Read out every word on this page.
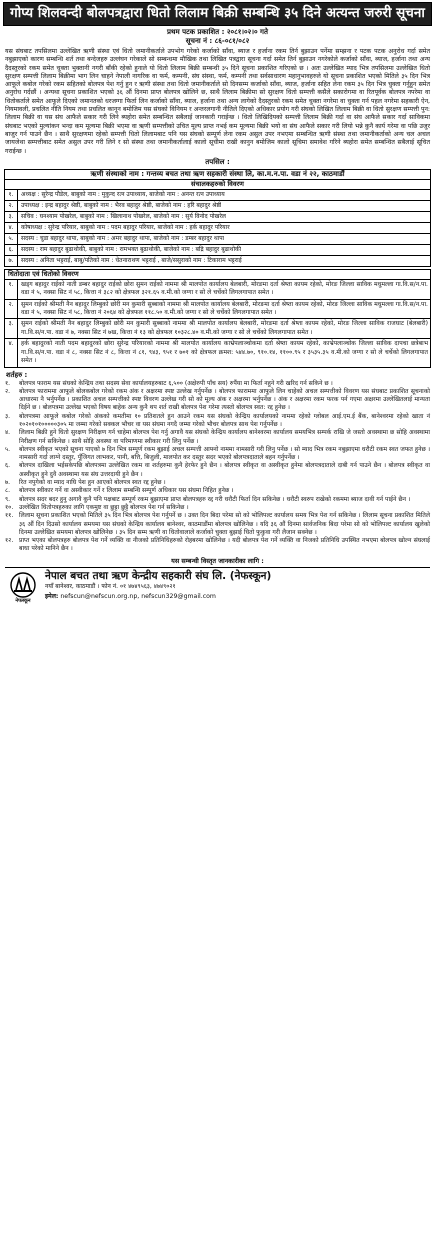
गोप्य शिलवन्दी बोलपत्रद्वारा धितो लिलाम बिक्री सम्बन्धि ३५ दिने अत्यन्त जरुरी सूचना
प्रथम पटक प्रकाशित : २०८१।०२।० गते
सूचना नं : ८६-०८१/०८२
यस संघबाट तपसिलमा उल्लेखित ऋणी संस्था एवं धितो जमानीकर्ताले उपभोग गरेको कर्जाको साँवा, ब्याज र हर्जाना रकम तिर्न बुझाउन पर्नेमा सम्झना र पटक पटक अनुरोध गर्दा समेत नबुझाएको कारण सम्बन्धि शर्त तथा बन्देजहरु उल्लंघन गरेकाले सो सम्बन्धमा मौखिक तथा लिखित पत्रद्वारा सूचना गर्दा समेत तिर्न बुझाउन नगरेकोले कर्जाको साँवा, ब्याज, हर्जाना तथा अन्य दैदस्तुरको रकम समेत चुक्ता भुक्तानी नगरी बाँकी रहेको हुनाले यो धितो लिलाम बिक्री सम्बन्धी ३५ दिने सूचना प्रकाशित गरिएको छ । अतः उल्लेखित म्याद भित्र तपसिलमा उल्लेखित धितो सुरक्षण सम्पत्ती लिलाम बिक्रीमा भाग लिन चाहने नेपाली नागरिक वा फर्म, कम्पनी, संघ संस्था, फर्म, कम्पनी तथा सर्वसाधारण महानुभावहरुले यो सूचना प्रकाशित भएको मितिले ३५ दिन भित्र आफूले कबोल गरेको रकम सहितको बोलपत्र पेश गर्नु हुन र ऋणी संस्था तथा धितो जमानीकर्ताले सो दिनसम्म कर्जाको साँवा, ब्याज, हर्जाना सहित लेना रकम ३५ दिन भित्र चुक्ता गर्नुहुन समेत अनुरोध गर्दछौं । अन्यथा सूचना प्रकाशित भएको ३६ औं दिनमा प्राप्त बोलपत्र खोलिने छ, साथै लिलाम बिक्रीमा सो सुरक्षण धितो सम्पत्ती कसैले सकारोगमा वा रितपूर्वक बोलपत्र नपरेमा वा धितोकर्ताले समेत आफूले दिएको जमानतको धरजग्गा फिर्ता लिन कर्जाको साँवा, ब्याज, हर्जाना तथा अन्य लागेको दैदस्तुरको रकम समेत चुक्ता नगरेमा वा चुक्ता गर्न पहल नगरेमा सहकारी ऐन, नियमावली, प्रचलित नीति नियम तथा प्रचलित कानून बमोजिम यस संघको विनियम र अन्तरलगानी नीतिले दिएको अधिकार प्रयोग गरी संघको लिखित लिलाम बिक्री वा धितो सुरक्षण सम्पत्ती पुन: लिलाम बिक्री वा यस संघ आफैले सकार गरी लिने ब्यहोरा समेत सम्बन्धित सबैलाई जानकारी गराईन्छ । धितो लिखिदियको सम्पत्ती लिलाम बिक्री गर्दा वा संघ आफैले सकार गर्दा साविकमा संघबाट भएको मुल्यांकन भन्दा कम मूल्यमा बिक्री भएमा वा ऋणी सम्पत्तीको उचित मूल्य प्राप्त नभई कम मूल्यमा बिक्री भयो वा संघ आफैले सकार गरी लियो भन्ने कुनै कार्य गरेमा वा पछि उजुर बाजुर गर्न पाउने छैन । साथै सुरक्षणमा रहेको सम्पत्ती धितो लिलामबाट पनि यस संघको सम्पूर्ण लेना रकम असुल उपर नभएमा सम्बन्धित ऋणी संस्था तथा जमानीकर्ताको अन्य चल अचल जायजेथा सम्पत्तीबाट समेत असुल उपर गरी लिने र सो संस्था तथा जमानीकर्तालाई कालो सूचीमा राखी कानुन बमोजिम कालो सूचिमा समावेश गरिने ब्यहोरा समेत सम्बन्धित सबैलाई सूचित गराईन्छ ।
तपसिल :
ऋणी संस्थाको नाम : गन्तव्य बचत तथा ऋण सहकारी संस्था लि, का.म.न.पा. वडा नं २२, काठमाडौं
संचालकहरुको विवरण
१.	अध्यक्ष : सुरेन्द्र पौडेल, बाबुको नाम : मुकुन्द रत्न उपाध्याय, बाजेको नाम : अनन्त रत्न उपाध्याय
२.	उपाध्यक्ष : इन्द्र बहादुर श्रेष्ठी, बाबुको नाम : भैरव बहादुर श्रेष्ठी, बाजेको नाम : हरि बहादुर श्रेष्ठी
३.	सचिव : घनश्याम पोखरेल, बाबुको नाम : खिलानाथ पोखरेल, बाजेको नाम : सुर्य विनोद पोखरेल
४.	कोषाध्यक्ष : सुरेन्द्र परियार, बाबुको नाम : पदम बहादुर परियार, बाजेको नाम : हर्क बहादुर परियार
५.	सदस्य : चुडा बहादुर थापा, बाबुको नाम : अमर बहादुर थापा, बाजेको नाम : डम्बर बहादुर थापा
६.	सदस्य : राम बहादुर बुढाथोकी, बाबुको नाम : रामभक्त बुढाथोकी, बाजेको नाम : बद्रि बहादुर बुढाथोकी
७.	सदस्य : अनिता भट्टराई, बाबु/पतिको नाम : चेतनाराथण भट्टराई , बाजे/ससुराको नाम : टिकाराम भट्टराई
धितोदाता एवं धितोको विवरण
१.	खड्ग बहादुर राईको नाती डम्बर बहादुर राईको छोरा सुमन राईको नाममा श्री मालपोत कार्यालय बेलबारी, मोरङमा दर्ता श्रेष्ता कायम रहेको, मोरङ जिल्ला साविक मधुमल्ला गा.वि.स/न.पा. वडा नं ५, नक्सा सिट नं ५८, कित्ता नं ३८२ को क्षेत्रफल ३२१.६५ व.मी.को जग्गा र सो ले चर्चेको लिगलगापात समेत ।
२.	सुमन राईको श्रीमती नैन बहादुर लिम्बुको छोरी मन कुमारी सुब्बाको नाममा श्री मालपोत कार्यालय बेलबारी, मोरङमा दर्ता श्रेष्ता कायम रहेको, मोरङ जिल्ला साविक मधुमल्ला गा.वि.स/न.पा. वडा नं ५, नक्सा सिट नं ५८, कित्ता नं २०६४ को क्षेत्रफल ११८.५० व.मी.को जग्गा र सो ले चर्चेको लिगलगापात समेत ।
३.	सुमन राईको श्रीमती नैन बहादुर लिम्बुको छोरी मन कुमारी सुब्बाको नाममा श्री मालपोत कार्यालय बेलबारी, मोरङमा दर्ता श्रेष्ता कायम रहेको, मोरङ जिल्ला साविक राजघाट (बेलबारी) गा.वि.स/न.पा. वडा नं ७, नक्सा सिट नं ७ख, कित्ता नं १३ को क्षेत्रफल १०३२८.४० व.मी.को जग्गा र सो ले चर्चेको लिगलगापात समेत ।
४.	हर्क बहादुरको नाती पदम बहादुरको छोरा सुरेन्द्र परियारको नाममा श्री मालपोत कार्यालय काभ्रेपलाञ्चोकमा दर्ता श्रेष्ता कायम रहेको, काभ्रेपलाञ्चोक जिल्ला साविक दापचा छत्रेबाभ गा.वि.स/न.पा. वडा नं ८, नक्सा सिट नं ८, कित्ता नं ८१, ९४३, ९५१ र ७०१ को क्षेत्रफल क्रमश: ५४४.७०, ९१०.१४, ११००.९५ र ३५३५.३५ व.मी.को जग्गा र सो ले चर्चेको लिगलगापात समेत ।
शर्तहरु :
१.	बोलपत्र फाराम यस संघको केन्द्रिय तथा सदस्य सेवा कार्यालयहरुबाट ६,५०० (अक्षेरुपी पाँच सय) रुपैंया मा फिर्ता नहुने गरी खरिद गर्न सकिने छ ।
२.	बोलपत्र फाराममा आफूले बोलकबोल गरेको रकम अंक र अक्षरमा स्पष्ट उल्लेख गर्नुपर्नेछ । बोलपत्र फाराममा आफूले लिन चाहेको अचल सम्पत्तीको विवरण यस संघबाट प्रकाशित सूचनाको आधारमा नै भर्नुपर्नेछ । प्रकाशित अचल सम्पत्तीको स्पष्ट विवरण उल्लेख गरी सो को मूल्य अंक र अक्षरमा भर्नुपर्नेछ । अंक र अक्षरमा रकम फरक पर्न गएमा अक्षरमा उल्लेखितलाई मान्यता दिईने छ । बोलपत्रमा उल्लेख भएको विषय बाहेक अन्य कुनै थप शर्त राखी बोलपत्र पेश गरेमा त्यस्तो बोलपत्र स्वत: रद्द हुनेछ ।
३.	बोलपत्रमा आफूले कबोल गरेको अंकको कमतीमा १० प्रतिशतले हुन आउने रकम यस संघको केन्द्रिय कार्यालयको नाममा रहेको ग्लोबल आई.एम.ई बैंक, बानेश्वरमा रहेको खाता नं १०२०१०१०००००३०५ मा जम्मा गरेको सक्कल भौचर वा यस संघमा नगदै जम्मा गरेको भौचर बोलपत्र साथ पेश गर्नुपर्नेछ ।
४.	लिलाम बिक्री हुने धितो सुरक्षण निरीक्षण गर्न चाहेमा बोलपत्र पेश गर्नु अगावै यस संघको केन्द्रिय कार्यालय बानेश्वरमा कार्यालय समयभित्र सम्पर्क राखि जे जस्तो अवस्थामा छ सोहि अवस्थामा निरीक्षण गर्न सकिनेछ । साथै सोहि अवस्था वा परिमाणमा स्वीकार गरी लिनु पर्नेछ ।
५.	बोलपत्र स्वीकृत भएको सूचना पाएको ७ दिन भित्र सम्पूर्ण रकम बुझाई अचल सम्पत्ती आफ्नो नाममा नामसारी गरी लिनु पर्नेछ । सो म्याद भित्र रकम नबुझाएमा धरौटी रकम स्वत जफत हुनेछ । नामसारी गर्दा लाग्ने दस्तुर, पूँजिगत लाभकर, पानी, बत्ति, बिजुली, मालपोत कर दस्तुर सदर भएको बोलपत्रदाताले बहन गर्नुपर्नेछ ।
६.	बोलपत्र दाखिला भईसकेपछि बोलपत्रमा उल्लेखित रकम वा शर्तहरुमा कुनै हेरफेर हुने छैन । बोलपत्र स्वीकृत वा अस्वीकृत हुनेमा बोलपत्रदाताले दाबी गर्न पाउने छैन । बोलपत्र स्वीकृत वा अस्वीकृत हुने दुवै अवस्थामा यस संघ उत्तरदायी हुने छैन ।
७.	रित नपुगेको वा म्याद नाघि पेश हुन आएको बोलपत्र स्वत रद्द हुनेछ ।
८.	बोलपत्र स्वीकार गर्ने वा अस्वीकार गर्ने र लिलाम सम्बन्धि सम्पूर्ण अधिकार यस संघमा निहित हुनेछ ।
९.	बोलपत्र सदर बदर हुनु अगावै कुनै पनि पक्षबाट सम्पूर्ण रकम बुझाएमा प्राप्त बोलपत्रहरु रद्द गरी धरौटी फिर्ता दिन सकिनेछ । धरौटी स्वरुप राखेको रकममा ब्याज दावी गर्न पाईने छैन ।
१०. उल्लेखित धितोपत्रहरुका लागि एकमुष्ट वा छुट्टा छुट्टै बोलपत्र पेश गर्न सकिनेछ ।
११. लिलाम सूचना प्रकाशित भएको मितिले ३५ दिन भित्र बोलपत्र पेश गर्नुपर्ने छ । उक्त दिन बिदा परेमा सो को भोलिपल्ट कार्यालय समय भित्र पेश गर्न सकिनेछ । लिलाम सूचना प्रकाशित मितिले ३६ औं दिन दिउसो कार्यालय समयमा यस संघको केन्द्रिय कार्यालय बानेश्वर, काठमाडौंमा बोलपत्र खोलिनेछ । यदि ३६ औं दिनमा सार्वजनिक बिदा परेमा सो को भोलिपल्ट कार्यालय खुलेको दिनमा उल्लेखित समयमा बोलपत्र खोलिनेछ । ३५ दिन सम्म ऋणी वा धितोवालाले कर्जाको चुक्ता बुझाई धितो फुकुवा गरी लैजान सक्नेछ ।
१२. प्राप्त भएका बोलपत्रहरु बोलपत्र पेश गर्ने व्यक्ति वा नीजको प्रतिनिधिहरुको रोहबरमा खोलिनेछ । यदी बोलपत्र पेश गर्ने व्यक्ति वा निजको प्रतिनिधि उपस्थित नभएमा बोलपत्र खोल्न संघलाई बाधा परेको मानिने छैन ।
यस सम्बन्धी विस्तृत जानकारीका लागि :
नेफस्कून
नेपाल बचत तथा ऋण केन्द्रीय सहकारी संघ लि. (नेफस्कून)
नयाँ बानेश्वर, काठमाडौं । फोन नं. ०१ ४७४९५६३, ४७४९०२१
इमेल: nefscun@nefscun.org.np, nefscun329@gmail.com
